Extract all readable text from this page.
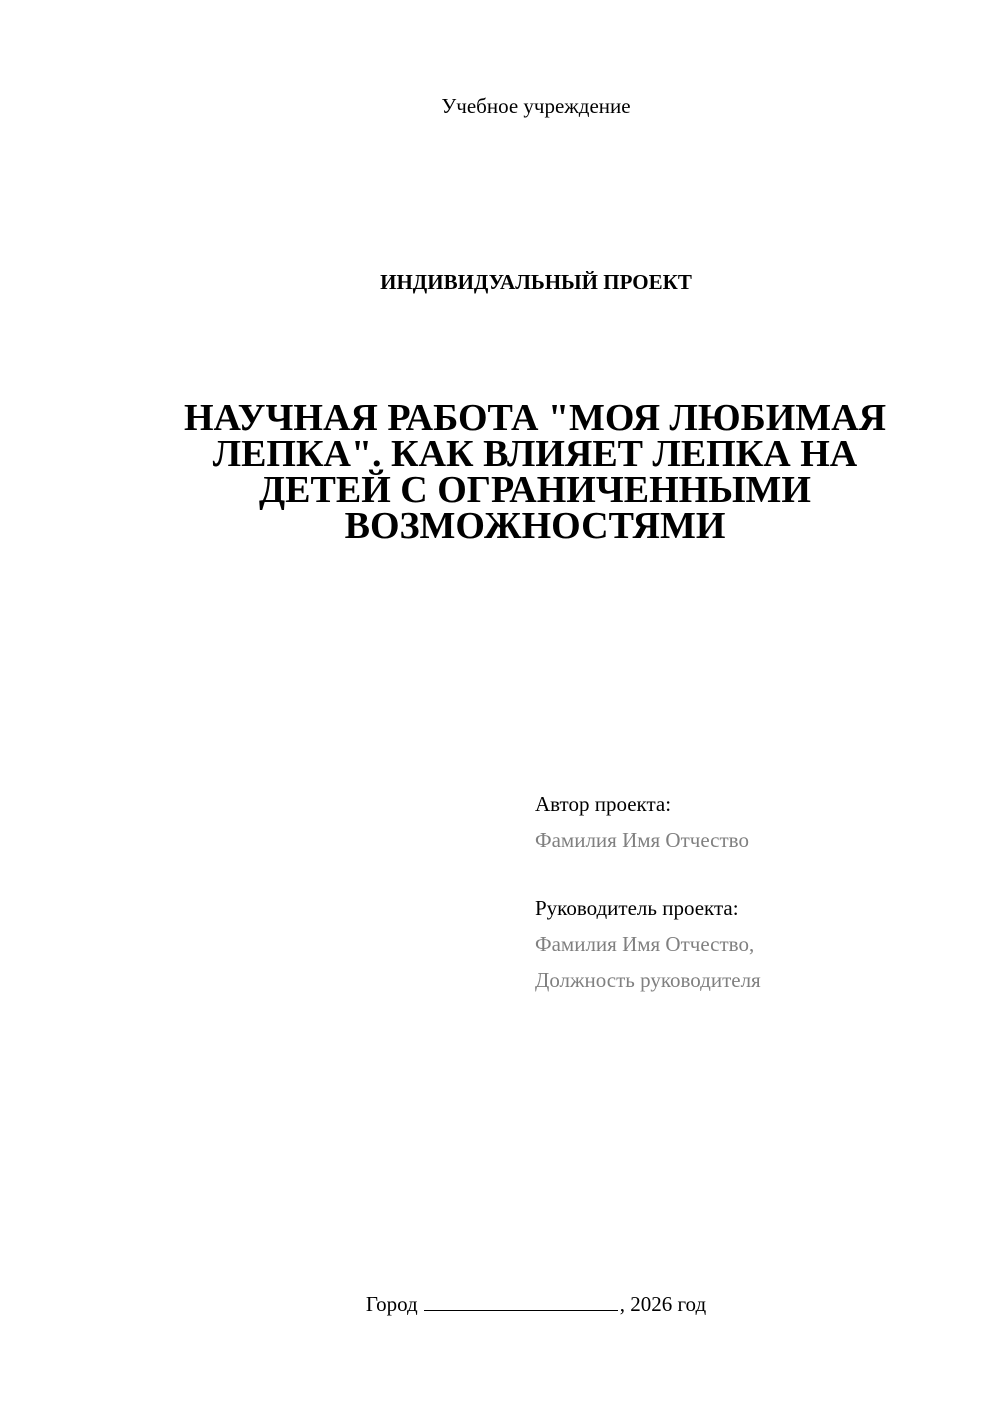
Учебное учреждение
ИНДИВИДУАЛЬНЫЙ ПРОЕКТ
НАУЧНАЯ РАБОТА "МОЯ ЛЮБИМАЯ
ЛЕПКА". КАК ВЛИЯЕТ ЛЕПКА НА
ДЕТЕЙ С ОГРАНИЧЕННЫМИ
ВОЗМОЖНОСТЯМИ
Автор проекта:
Фамилия Имя Отчество
Руководитель проекта:
Фамилия Имя Отчество,
Должность руководителя
Город	, 2026 год
